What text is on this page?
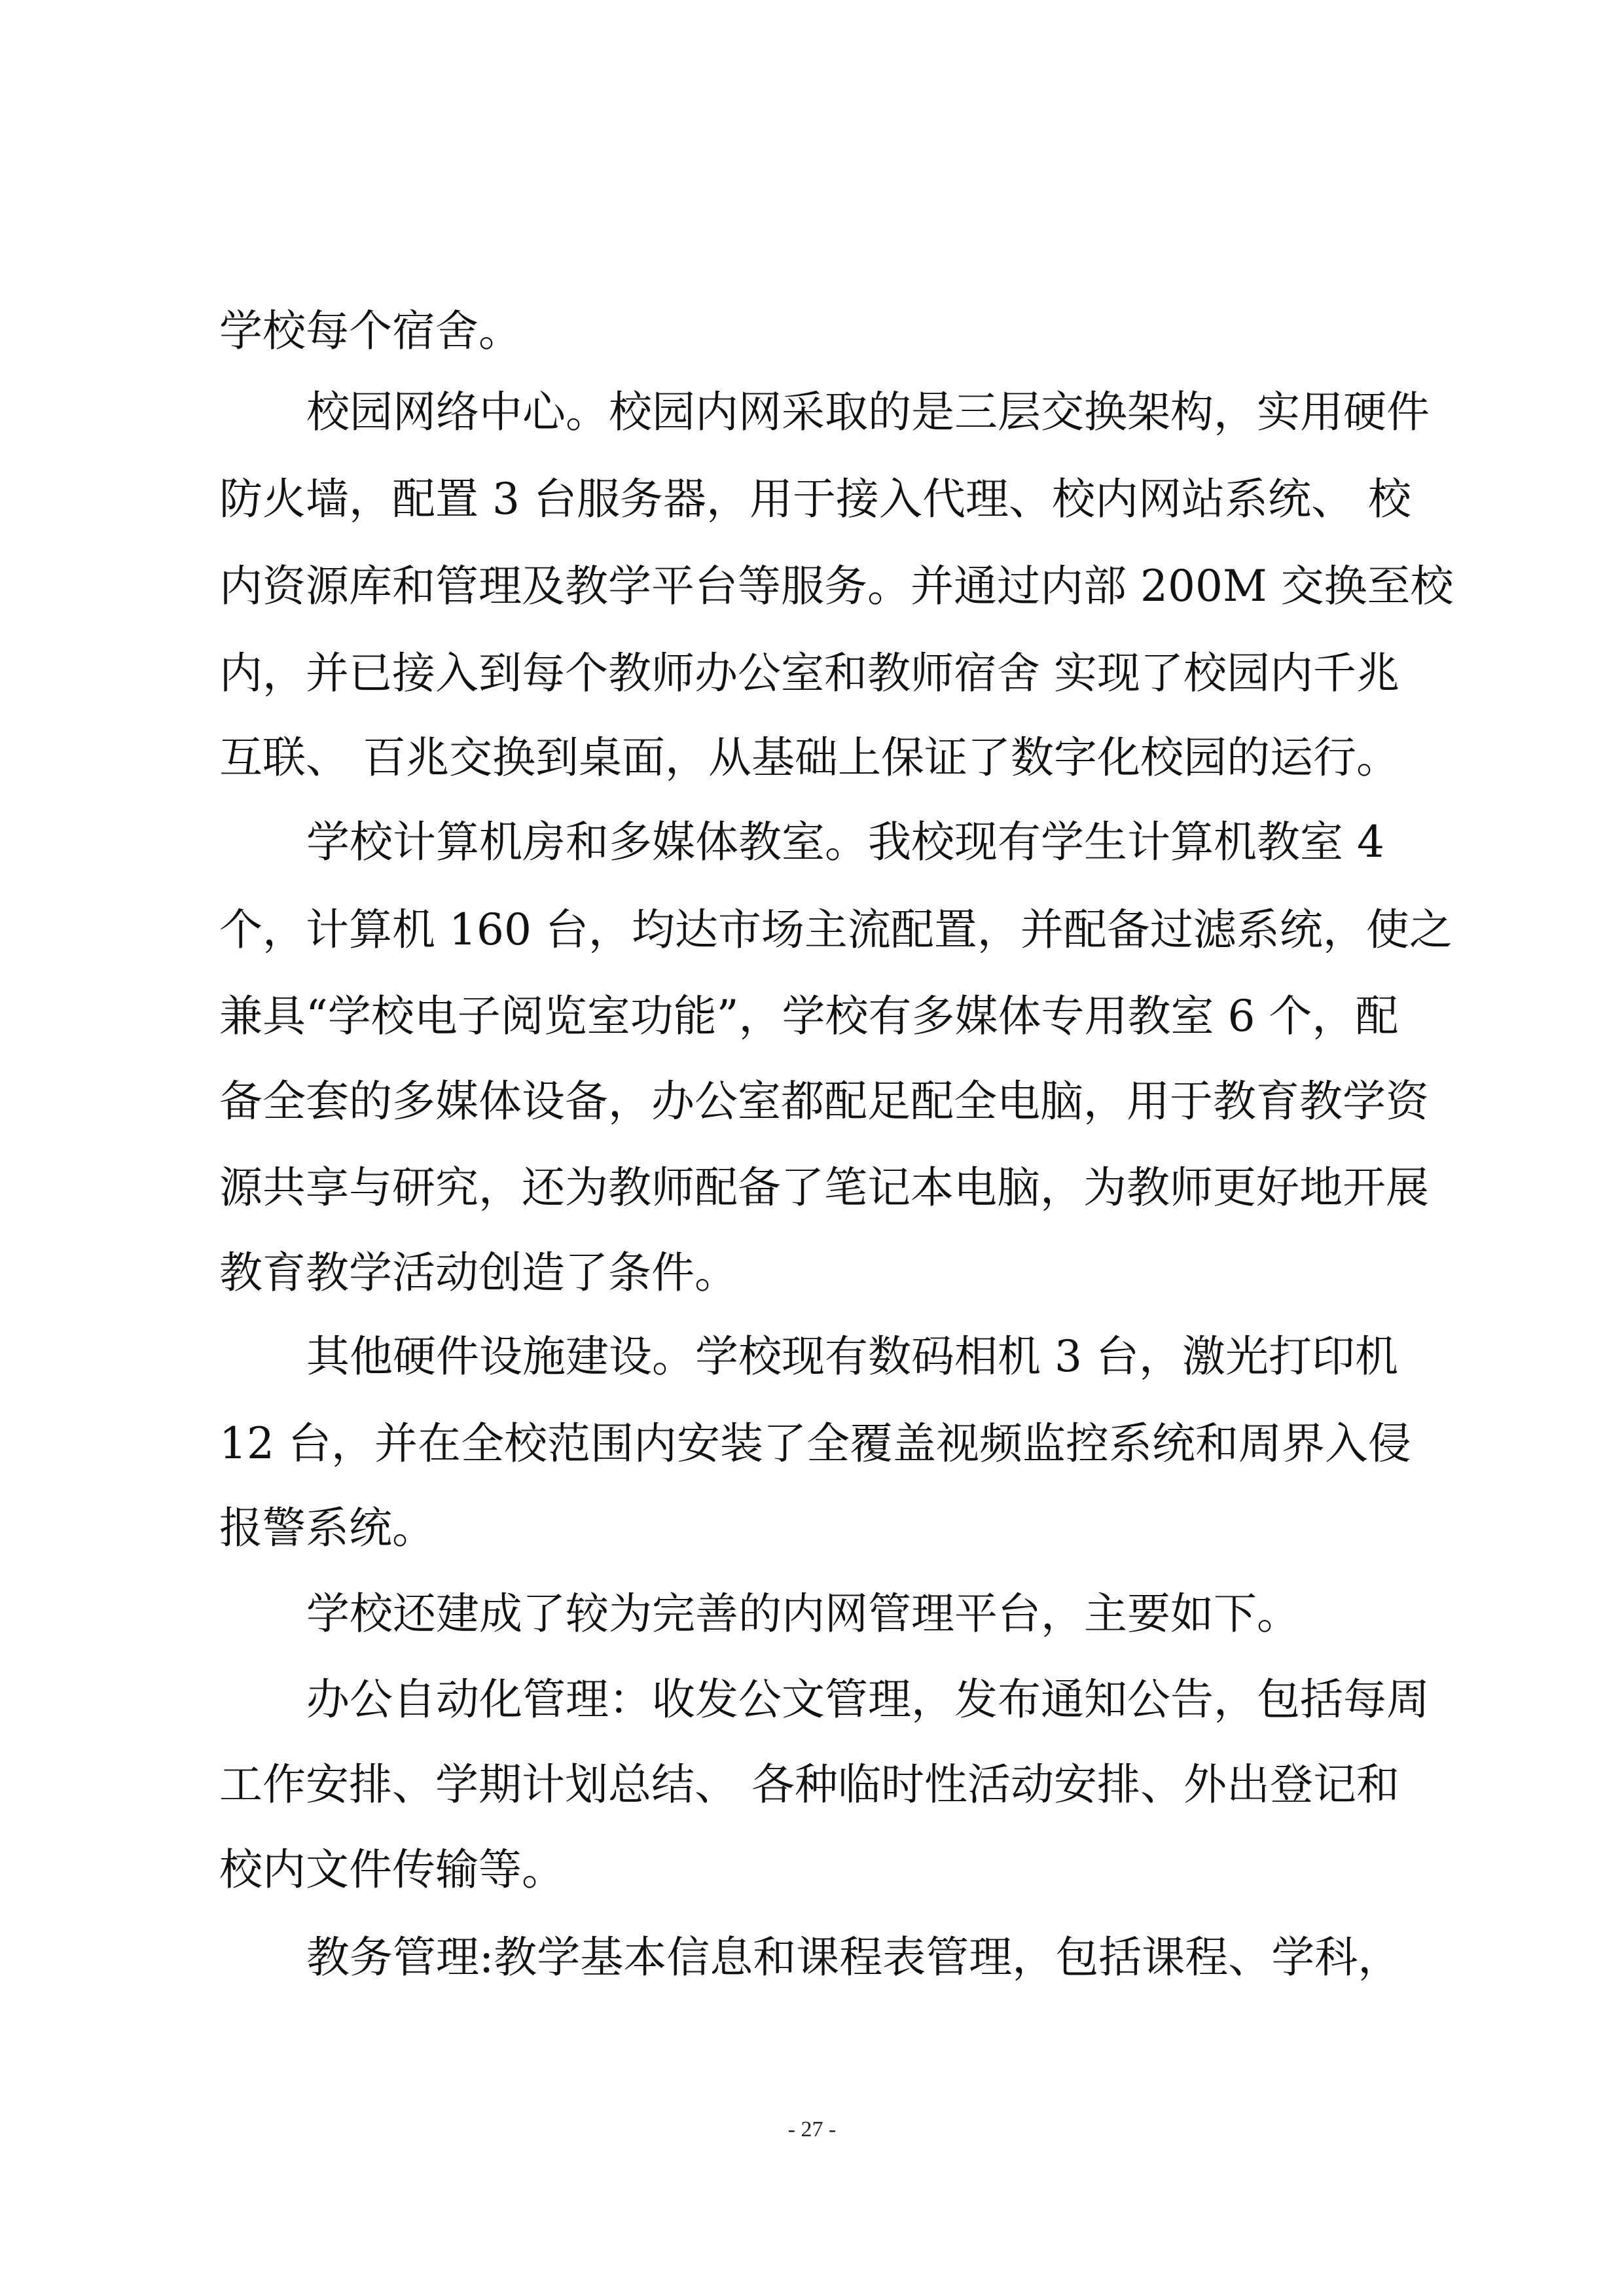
学校每个宿舍。
校园网络中心。校园内网采取的是三层交换架构，实用硬件
防火墙，配置 3 台服务器，用于接入代理、校内网站系统、 校
内资源库和管理及教学平台等服务。并通过内部 200M 交换至校
内，并已接入到每个教师办公室和教师宿舍 实现了校园内千兆
互联、 百兆交换到桌面，从基础上保证了数字化校园的运行。
学校计算机房和多媒体教室。我校现有学生计算机教室 4
个，计算机 160 台，均达市场主流配置，并配备过滤系统，使之
兼具“学校电子阅览室功能”，学校有多媒体专用教室 6 个，配
备全套的多媒体设备，办公室都配足配全电脑，用于教育教学资
源共享与研究，还为教师配备了笔记本电脑，为教师更好地开展
教育教学活动创造了条件。
其他硬件设施建设。学校现有数码相机 3 台，激光打印机
12 台，并在全校范围内安装了全覆盖视频监控系统和周界入侵
报警系统。
学校还建成了较为完善的内网管理平台，主要如下。
办公自动化管理：收发公文管理，发布通知公告，包括每周
工作安排、学期计划总结、 各种临时性活动安排、外出登记和
校内文件传输等。
教务管理:教学基本信息和课程表管理，包括课程、学科，
- 27 -
